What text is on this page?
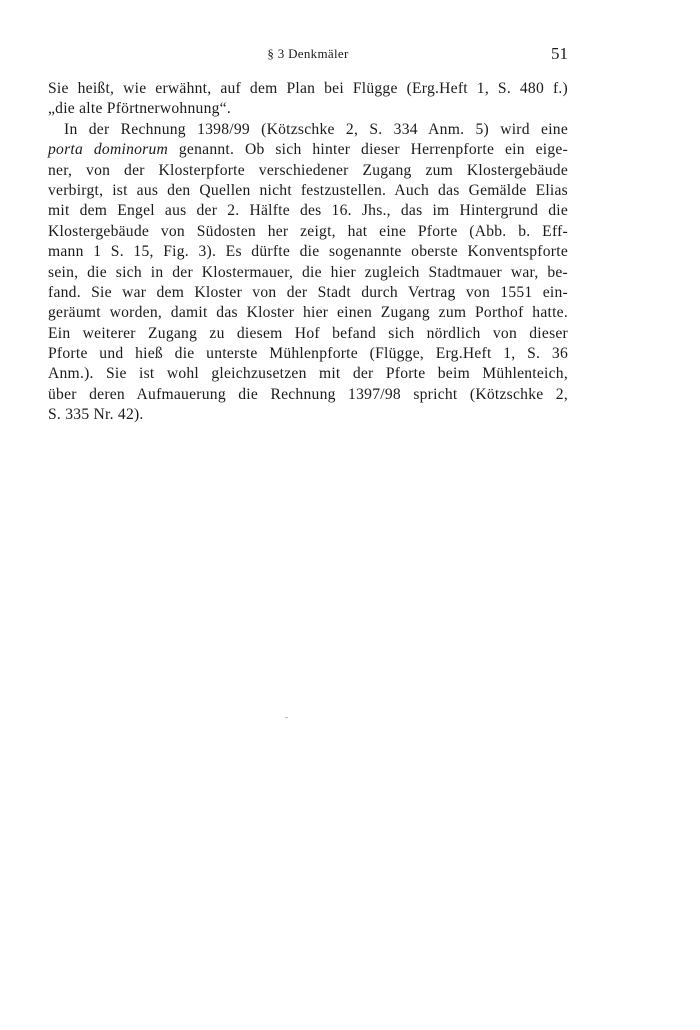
§ 3 Denkmäler	51
Sie heißt, wie erwähnt, auf dem Plan bei Flügge (Erg.Heft 1, S. 480 f.)
„die alte Pförtnerwohnung“.
In der Rechnung 1398/99 (Kötzschke 2, S. 334 Anm. 5) wird eine
porta dominorum genannt. Ob sich hinter dieser Herrenpforte ein eige-
ner, von der Klosterpforte verschiedener Zugang zum Klostergebäude
verbirgt, ist aus den Quellen nicht festzustellen. Auch das Gemälde Elias
mit dem Engel aus der 2. Hälfte des 16. Jhs., das im Hintergrund die
Klostergebäude von Südosten her zeigt, hat eine Pforte (Abb. b. Eff-
mann 1 S. 15, Fig. 3). Es dürfte die sogenannte oberste Konventspforte
sein, die sich in der Klostermauer, die hier zugleich Stadtmauer war, be-
fand. Sie war dem Kloster von der Stadt durch Vertrag von 1551 ein-
geräumt worden, damit das Kloster hier einen Zugang zum Porthof hatte.
Ein weiterer Zugang zu diesem Hof befand sich nördlich von dieser
Pforte und hieß die unterste Mühlenpforte (Flügge, Erg.Heft 1, S. 36
Anm.). Sie ist wohl gleichzusetzen mit der Pforte beim Mühlenteich,
über deren Aufmauerung die Rechnung 1397/98 spricht (Kötzschke 2,
S. 335 Nr. 42).
